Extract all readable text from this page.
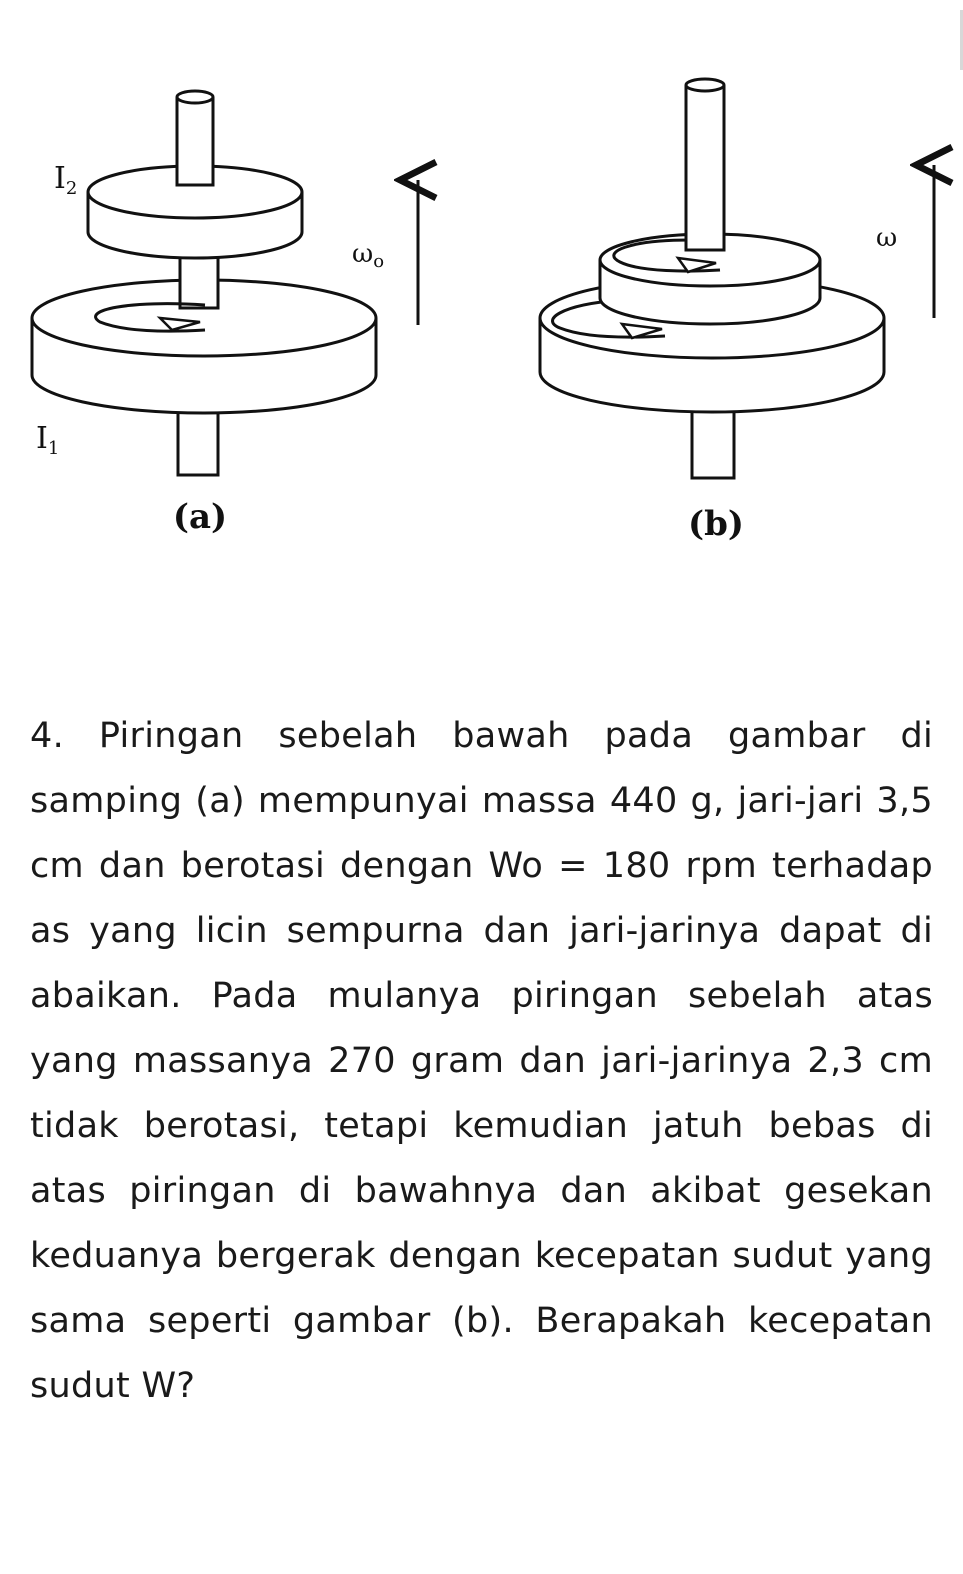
$I_2$
$I_1$
ωo
(a)
ω
(b)

4. Piringan sebelah bawah pada gambar di samping (a) mempunyai massa 440 g, jari-jari 3,5 cm dan berotasi dengan Wo = 180 rpm terhadap as yang licin sempurna dan jari-jarinya dapat di abaikan. Pada mulanya piringan sebelah atas yang massanya 270 gram dan jari-jarinya 2,3 cm tidak berotasi, tetapi kemudian jatuh bebas di atas piringan di bawahnya dan akibat gesekan keduanya bergerak dengan kecepatan sudut yang sama seperti gambar (b). Berapakah kecepatan sudut W?
